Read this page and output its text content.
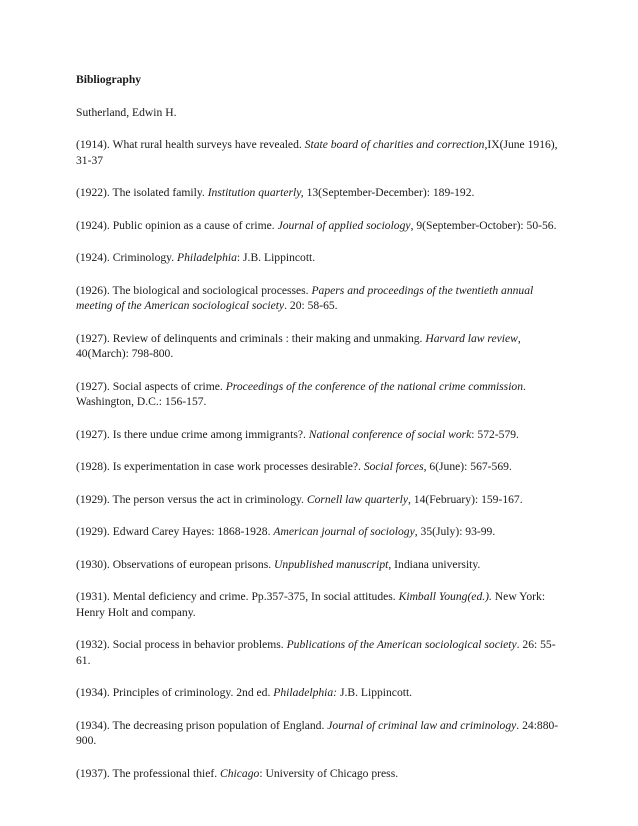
Bibliography
Sutherland, Edwin H.
(1914). What rural health surveys have revealed. State board of charities and correction,IX(June 1916), 31-37
(1922). The isolated family. Institution quarterly, 13(September-December): 189-192.
(1924). Public opinion as a cause of crime. Journal of applied sociology, 9(September-October): 50-56.
(1924). Criminology. Philadelphia: J.B. Lippincott.
(1926). The biological and sociological processes. Papers and proceedings of the twentieth annual meeting of the American sociological society. 20: 58-65.
(1927). Review of delinquents and criminals : their making and unmaking. Harvard law review, 40(March): 798-800.
(1927). Social aspects of crime. Proceedings of the conference of the national crime commission. Washington, D.C.: 156-157.
(1927). Is there undue crime among immigrants?. National conference of social work: 572-579.
(1928). Is experimentation in case work processes desirable?. Social forces, 6(June): 567-569.
(1929). The person versus the act in criminology. Cornell law quarterly, 14(February): 159-167.
(1929). Edward Carey Hayes: 1868-1928. American journal of sociology, 35(July): 93-99.
(1930). Observations of european prisons. Unpublished manuscript, Indiana university.
(1931). Mental deficiency and crime. Pp.357-375, In social attitudes. Kimball Young(ed.). New York: Henry Holt and company.
(1932). Social process in behavior problems. Publications of the American sociological society. 26: 55-61.
(1934). Principles of criminology. 2nd ed. Philadelphia: J.B. Lippincott.
(1934). The decreasing prison population of England. Journal of criminal law and criminology. 24:880-900.
(1937). The professional thief. Chicago: University of Chicago press.
